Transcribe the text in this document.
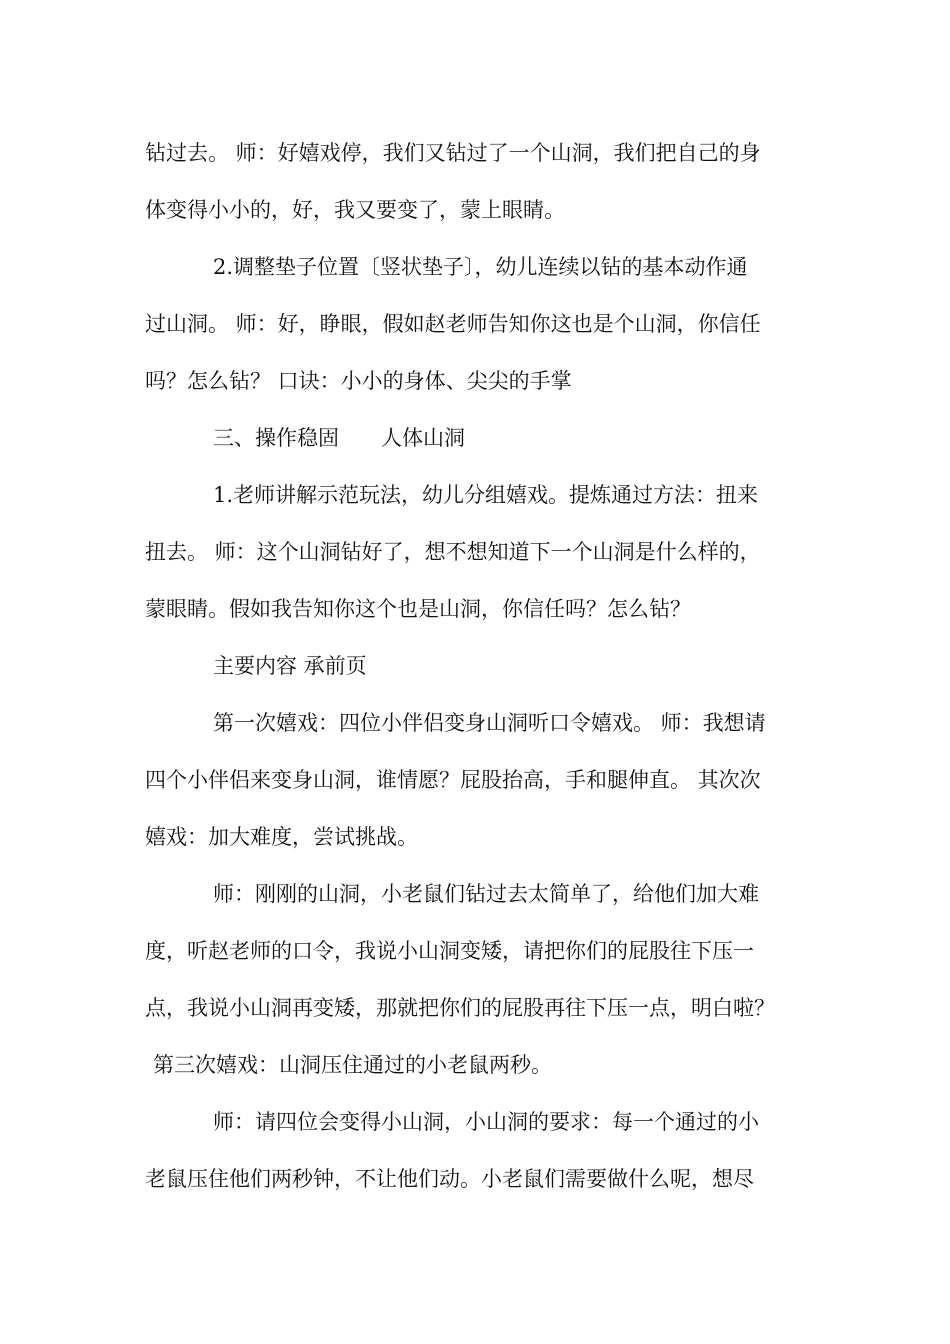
钻过去。 师：好嬉戏停，我们又钻过了一个山洞，我们把自己的身
体变得小小的，好，我又要变了，蒙上眼睛。
2.调整垫子位置〔竖状垫子〕，幼儿连续以钻的基本动作通
过山洞。 师：好，睁眼，假如赵老师告知你这也是个山洞，你信任
吗？怎么钻？ 口诀：小小的身体、尖尖的手掌
三、操作稳固　　人体山洞
1.老师讲解示范玩法，幼儿分组嬉戏。提炼通过方法：扭来
扭去。 师：这个山洞钻好了，想不想知道下一个山洞是什么样的，
蒙眼睛。假如我告知你这个也是山洞，你信任吗？怎么钻？
主要内容 承前页
第一次嬉戏：四位小伴侣变身山洞听口令嬉戏。 师：我想请
四个小伴侣来变身山洞，谁情愿？屁股抬高，手和腿伸直。 其次次
嬉戏：加大难度，尝试挑战。
师：刚刚的山洞，小老鼠们钻过去太简单了，给他们加大难
度，听赵老师的口令，我说小山洞变矮，请把你们的屁股往下压一
点，我说小山洞再变矮，那就把你们的屁股再往下压一点，明白啦？
第三次嬉戏：山洞压住通过的小老鼠两秒。
师：请四位会变得小山洞，小山洞的要求：每一个通过的小
老鼠压住他们两秒钟，不让他们动。小老鼠们需要做什么呢，想尽
